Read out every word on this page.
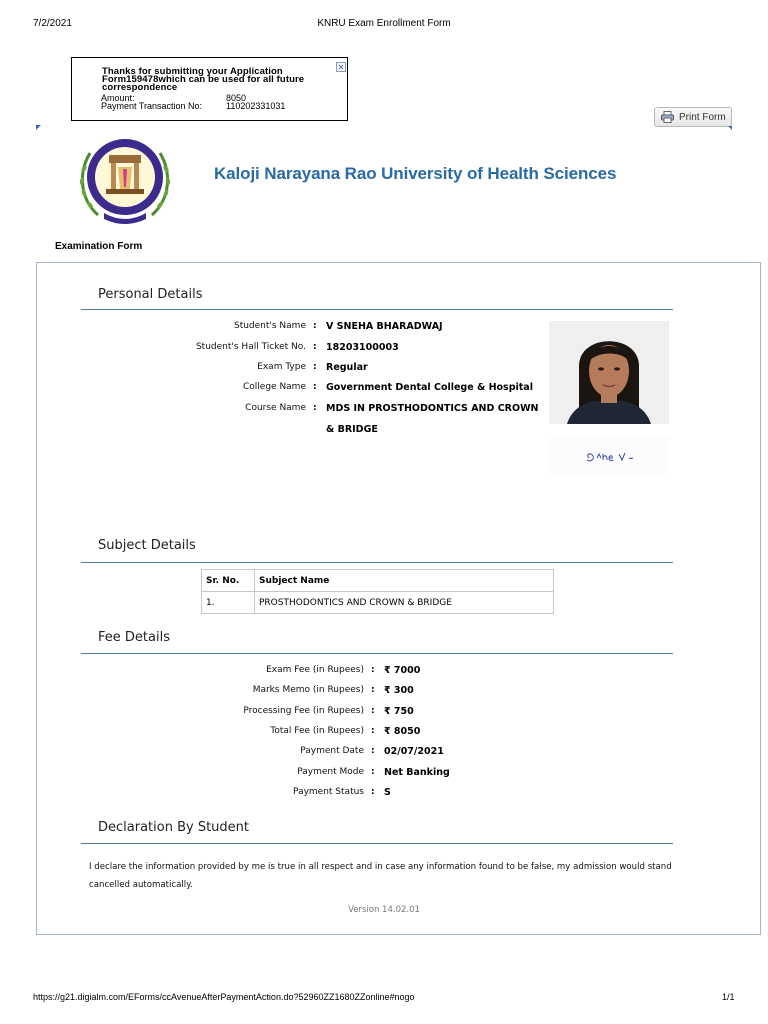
7/2/2021	KNRU Exam Enrollment Form
Thanks for submitting your Application Form159478which can be used for all future correspondence
Amount:	8050
Payment Transaction No:	110202331031
✕
Print Form
Kaloji Narayana Rao University of Health Sciences
Examination Form
Personal Details
Student's Name : V SNEHA BHARADWAJ
Student's Hall Ticket No. : 18203100003
Exam Type : Regular
College Name : Government Dental College & Hospital
Course Name : MDS IN PROSTHODONTICS AND CROWN
& BRIDGE
Subject Details
Sr. No.	Subject Name
1.	PROSTHODONTICS AND CROWN & BRIDGE
Fee Details
Exam Fee (in Rupees) : ₹ 7000
Marks Memo (in Rupees) : ₹ 300
Processing Fee (in Rupees) : ₹ 750
Total Fee (in Rupees) : ₹ 8050
Payment Date : 02/07/2021
Payment Mode : Net Banking
Payment Status : S
Declaration By Student
I declare the information provided by me is true in all respect and in case any information found to be false, my admission would stand cancelled automatically.
Version 14.02.01
https://g21.digialm.com/EForms/ccAvenueAfterPaymentAction.do?52960ZZ1680ZZonline#nogo	1/1
